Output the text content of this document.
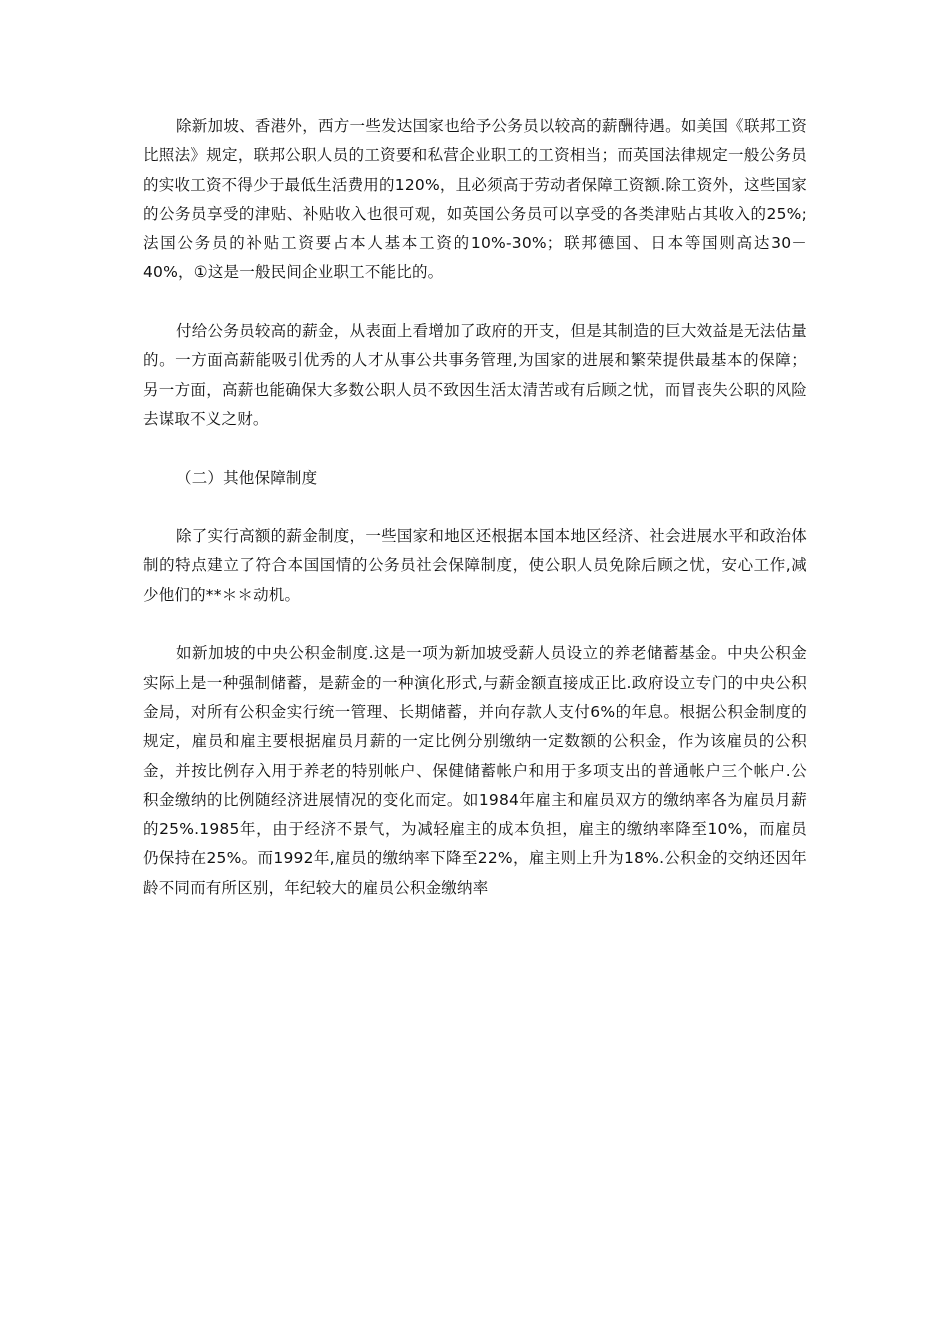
除新加坡、香港外，西方一些发达国家也给予公务员以较高的薪酬待遇。如美国《联邦工资比照法》规定，联邦公职人员的工资要和私营企业职工的工资相当；而英国法律规定一般公务员的实收工资不得少于最低生活费用的120%，且必须高于劳动者保障工资额.除工资外，这些国家的公务员享受的津贴、补贴收入也很可观，如英国公务员可以享受的各类津贴占其收入的25%;法国公务员的补贴工资要占本人基本工资的10%-30%；联邦德国、日本等国则高达30－40%，①这是一般民间企业职工不能比的。

付给公务员较高的薪金，从表面上看增加了政府的开支，但是其制造的巨大效益是无法估量的。一方面高薪能吸引优秀的人才从事公共事务管理,为国家的进展和繁荣提供最基本的保障；另一方面，高薪也能确保大多数公职人员不致因生活太清苦或有后顾之忧，而冒丧失公职的风险去谋取不义之财。

（二）其他保障制度

除了实行高额的薪金制度，一些国家和地区还根据本国本地区经济、社会进展水平和政治体制的特点建立了符合本国国情的公务员社会保障制度，使公职人员免除后顾之忧，安心工作,减少他们的**＊＊动机。

如新加坡的中央公积金制度.这是一项为新加坡受薪人员设立的养老储蓄基金。中央公积金实际上是一种强制储蓄，是薪金的一种演化形式,与薪金额直接成正比.政府设立专门的中央公积金局，对所有公积金实行统一管理、长期储蓄，并向存款人支付6%的年息。根据公积金制度的规定，雇员和雇主要根据雇员月薪的一定比例分别缴纳一定数额的公积金，作为该雇员的公积金，并按比例存入用于养老的特别帐户、保健储蓄帐户和用于多项支出的普通帐户三个帐户.公积金缴纳的比例随经济进展情况的变化而定。如1984年雇主和雇员双方的缴纳率各为雇员月薪的25%.1985年，由于经济不景气，为减轻雇主的成本负担，雇主的缴纳率降至10%，而雇员仍保持在25%。而1992年,雇员的缴纳率下降至22%，雇主则上升为18%.公积金的交纳还因年龄不同而有所区别，年纪较大的雇员公积金缴纳率
